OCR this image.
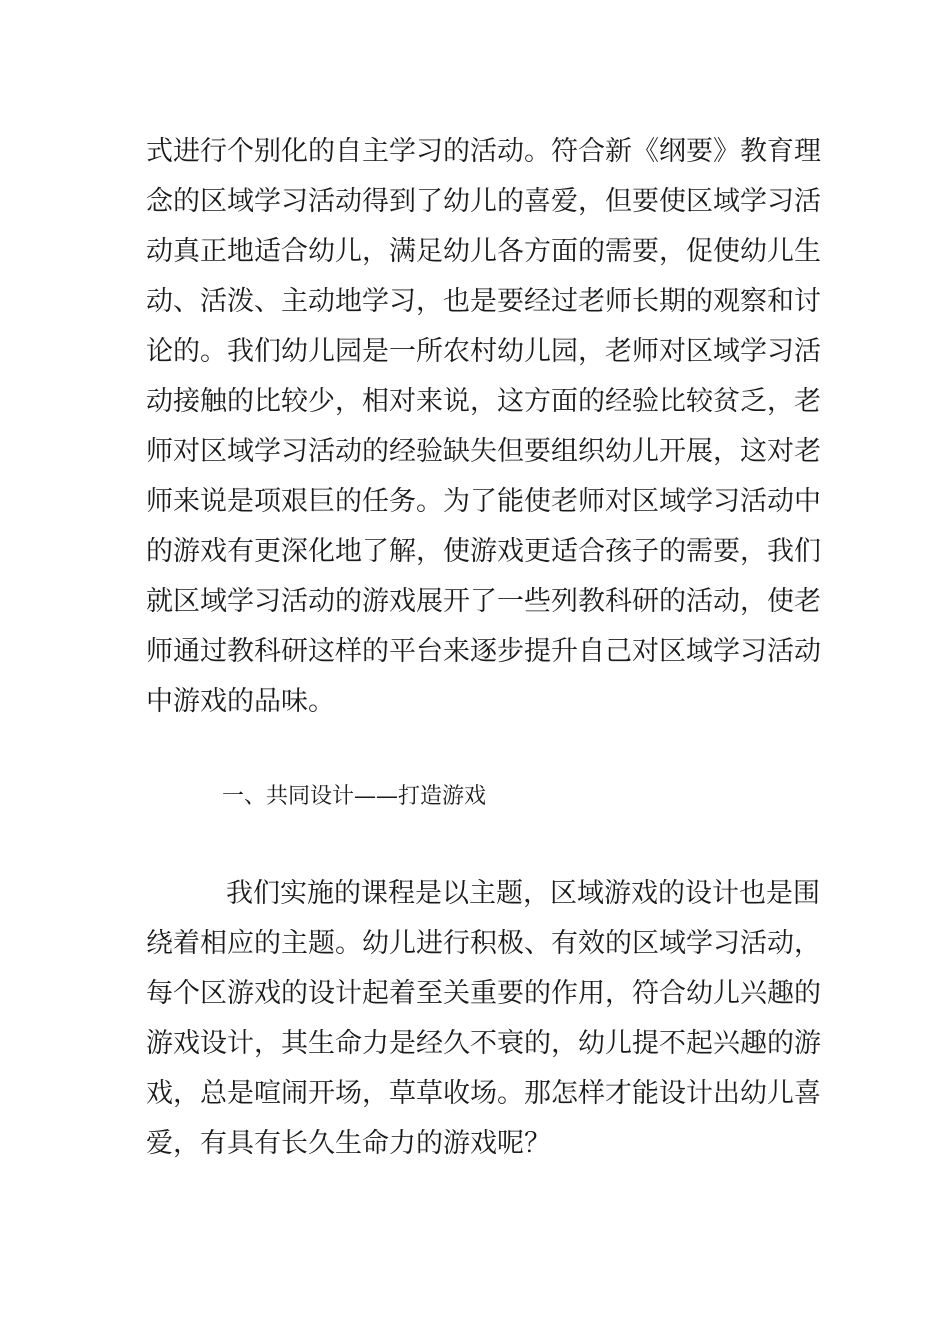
式进行个别化的自主学习的活动。符合新《纲要》教育理
念的区域学习活动得到了幼儿的喜爱，但要使区域学习活
动真正地适合幼儿，满足幼儿各方面的需要，促使幼儿生
动、活泼、主动地学习，也是要经过老师长期的观察和讨
论的。我们幼儿园是一所农村幼儿园，老师对区域学习活
动接触的比较少，相对来说，这方面的经验比较贫乏，老
师对区域学习活动的经验缺失但要组织幼儿开展，这对老
师来说是项艰巨的任务。为了能使老师对区域学习活动中
的游戏有更深化地了解，使游戏更适合孩子的需要，我们
就区域学习活动的游戏展开了一些列教科研的活动，使老
师通过教科研这样的平台来逐步提升自己对区域学习活动
中游戏的品味。
一、共同设计——打造游戏
我们实施的课程是以主题，区域游戏的设计也是围
绕着相应的主题。幼儿进行积极、有效的区域学习活动，
每个区游戏的设计起着至关重要的作用，符合幼儿兴趣的
游戏设计，其生命力是经久不衰的，幼儿提不起兴趣的游
戏，总是喧闹开场，草草收场。那怎样才能设计出幼儿喜
爱，有具有长久生命力的游戏呢？
